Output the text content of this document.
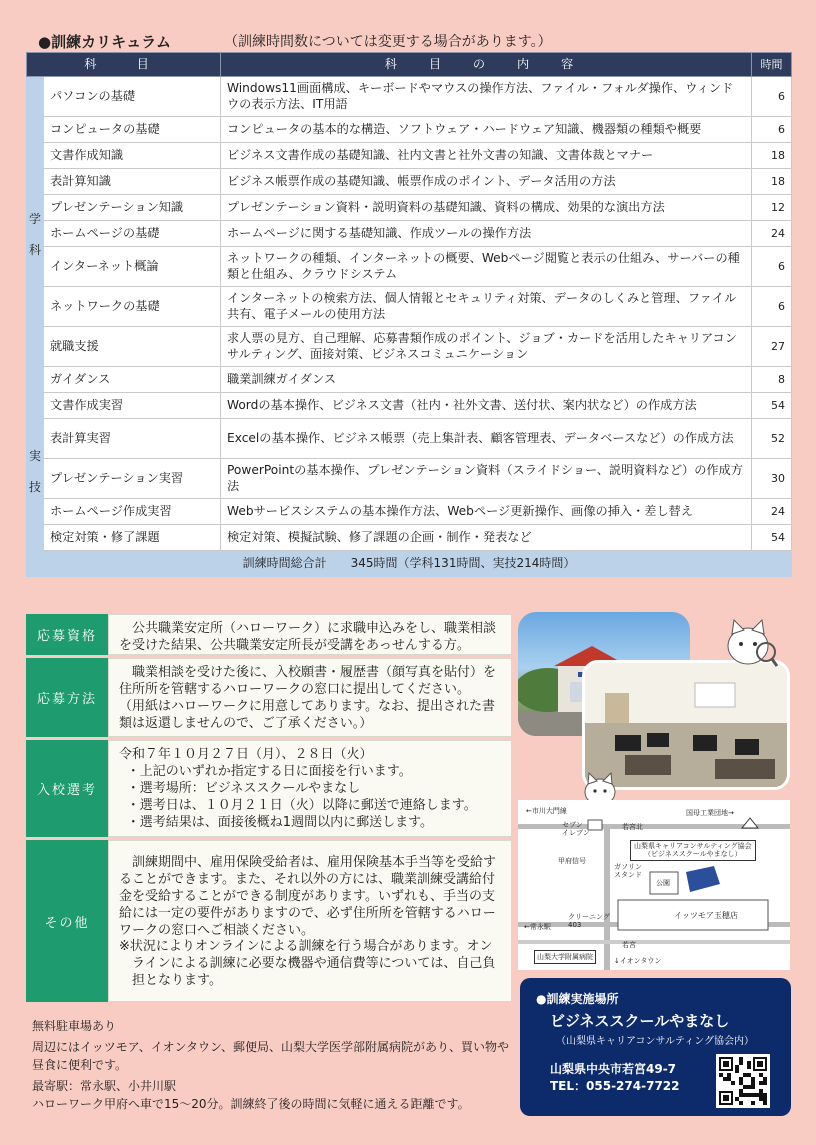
●訓練カリキュラム	（訓練時間数については変更する場合があります。）
科　目		科 目 の 内 容	時間

学
科	パソコンの基礎	Windows11画面構成、キーボードやマウスの操作方法、ファイル・フォルダ操作、ウィンドウの表示方法、IT用語	6
	コンピュータの基礎	コンピュータの基本的な構造、ソフトウェア・ハードウェア知識、機器類の種類や概要	6
	文書作成知識	ビジネス文書作成の基礎知識、社内文書と社外文書の知識、文書体裁とマナー	18
	表計算知識	ビジネス帳票作成の基礎知識、帳票作成のポイント、データ活用の方法	18
	プレゼンテーション知識	プレゼンテーション資料・説明資料の基礎知識、資料の構成、効果的な演出方法	12
	ホームページの基礎	ホームページに関する基礎知識、作成ツールの操作方法	24
	インターネット概論	ネットワークの種類、インターネットの概要、Webページ閲覧と表示の仕組み、サーバーの種類と仕組み、クラウドシステム	6
	ネットワークの基礎	インターネットの検索方法、個人情報とセキュリティ対策、データのしくみと管理、ファイル共有、電子メールの使用方法	6
	就職支援	求人票の見方、自己理解、応募書類作成のポイント、ジョブ・カードを活用したキャリアコンサルティング、面接対策、ビジネスコミュニケーション	27
	ガイダンス	職業訓練ガイダンス	8

実
技	文書作成実習	Wordの基本操作、ビジネス文書（社内・社外文書、送付状、案内状など）の作成方法	54
	表計算実習	Excelの基本操作、ビジネス帳票（売上集計表、顧客管理表、データベースなど）の作成方法	52
	プレゼンテーション実習	PowerPointの基本操作、プレゼンテーション資料（スライドショー、説明資料など）の作成方法	30
	ホームページ作成実習	Webサービスシステムの基本操作方法、Webページ更新操作、画像の挿入・差し替え	24
	検定対策・修了課題	検定対策、模擬試験、修了課題の企画・制作・発表など	54
訓練時間総合計　　345時間（学科131時間、実技214時間）			
応募資格

公共職業安定所（ハローワーク）に求職申込みをし、職業相談を受けた結果、公共職業安定所長が受講をあっせんする方。

応募方法

職業相談を受けた後に、入校願書・履歴書（顔写真を貼付）を住所所を管轄するハローワークの窓口に提出してください。

（用紙はハローワークに用意してあります。なお、提出された書類は返還しませんので、ご了承ください。）

入校選考

令和７年１０月２７日（月）、２８日（火）

・上記のいずれか指定する日に面接を行います。

・選考場所：ビジネススクールやまなし

・選考日は、１０月２１日（火）以降に郵送で連絡します。

・選考結果は、面接後概ね1週間以内に郵送します。

その他

訓練期間中、雇用保険受給者は、雇用保険基本手当等を受給することができます。また、それ以外の方には、職業訓練受講給付金を受給することができる制度があります。いずれも、手当の支給には一定の要件がありますので、必ず住所所を管轄するハローワークの窓口へご相談ください。

※状況によりオンラインによる訓練を行う場合があります。オンラインによる訓練に必要な機器や通信費等については、自己負担となります。

無料駐車場あり

周辺にはイッツモア、イオンタウン、郵便局、山梨大学医学部附属病院があり、買い物や昼食に便利です。

最寄駅：常永駅、小井川駅

ハローワーク甲府へ車で15～20分。訓練終了後の時間に気軽に通える距離です。

←市川大門線	国母工業団地→
若宮北
セブン
イレブン
甲府信号
ガソリン
スタンド
公園
山梨県キャリアコンサルティング協会
（ビジネススクールやまなし）
イッツモア玉穂店
←常永駅
クリーニング
403
山梨大学附属病院
若宮
↓イオンタウン
●訓練実施場所
ビジネススクールやまなし
（山梨県キャリアコンサルティング協会内）
山梨県中央市若宮49-7
TEL：055-274-7722
